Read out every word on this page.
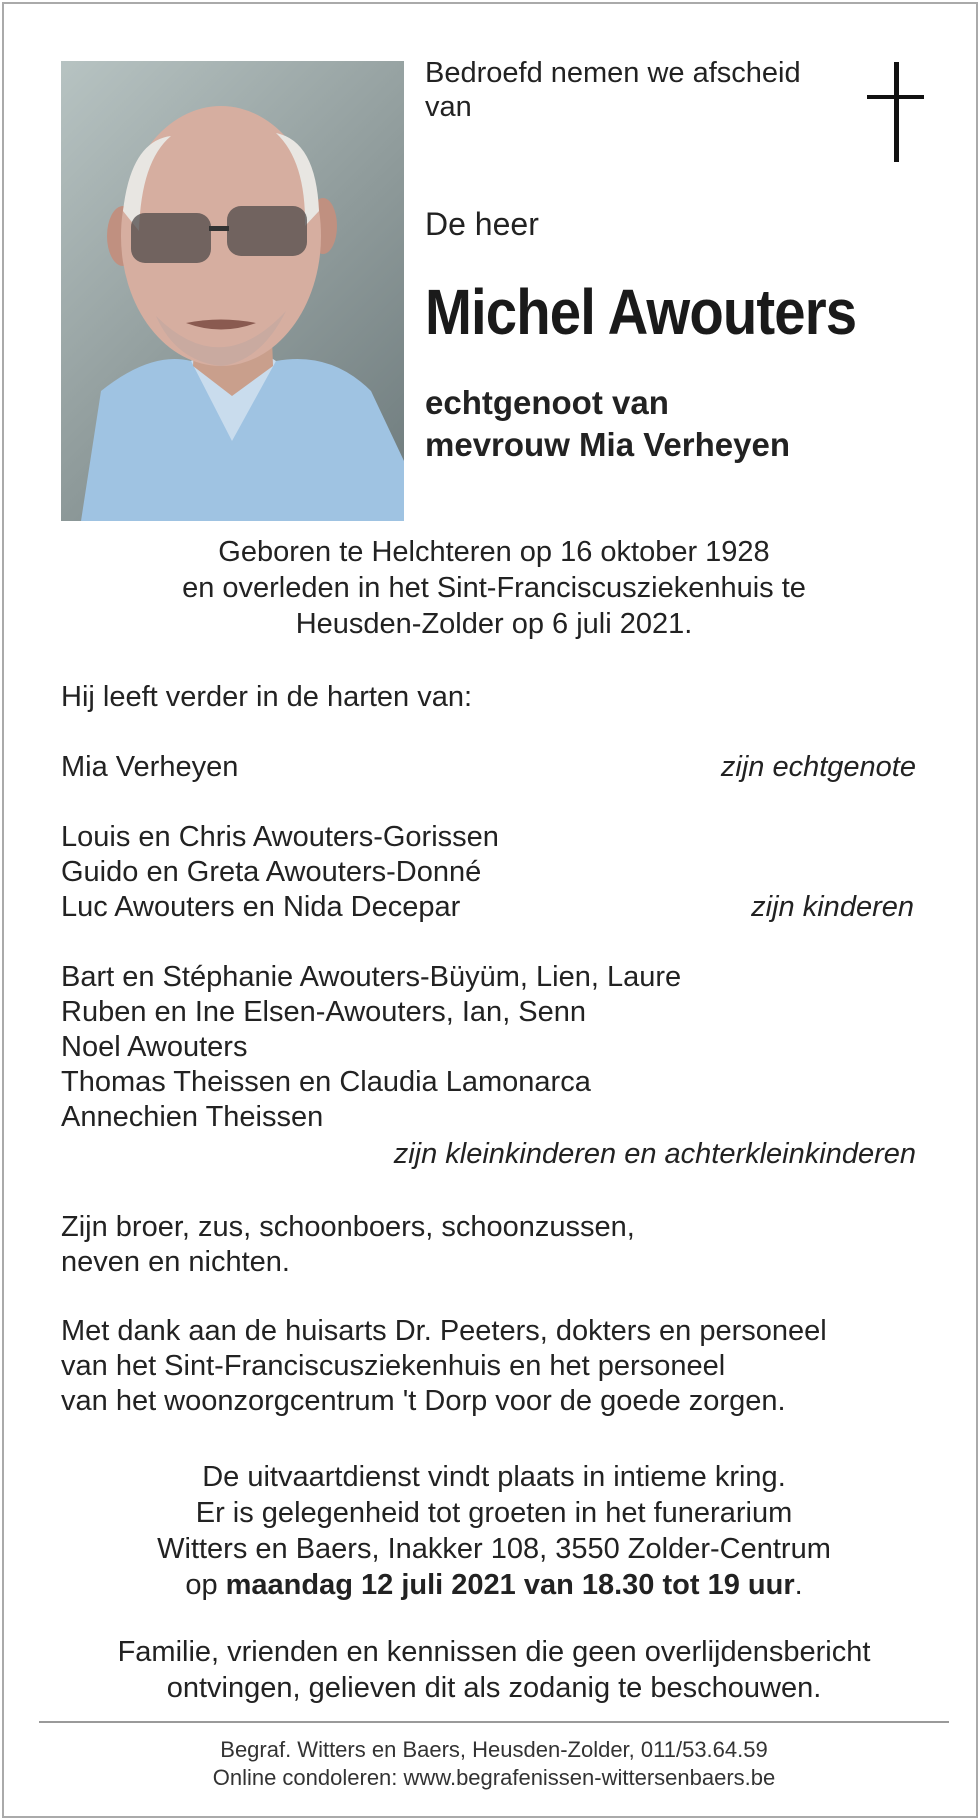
Bedroefd nemen we afscheid
van
De heer
Michel Awouters
echtgenoot van
mevrouw Mia Verheyen
Geboren te Helchteren op 16 oktober 1928
en overleden in het Sint-Franciscusziekenhuis te
Heusden-Zolder op 6 juli 2021.
Hij leeft verder in de harten van:
Mia Verheyen	zijn echtgenote
Louis en Chris Awouters-Gorissen
Guido en Greta Awouters-Donné
Luc Awouters en Nida Decepar	zijn kinderen
Bart en Stéphanie Awouters-Büyüm, Lien, Laure
Ruben en Ine Elsen-Awouters, Ian, Senn
Noel Awouters
Thomas Theissen en Claudia Lamonarca
Annechien Theissen
zijn kleinkinderen en achterkleinkinderen
Zijn broer, zus, schoonboers, schoonzussen,
neven en nichten.
Met dank aan de huisarts Dr. Peeters, dokters en personeel
van het Sint-Franciscusziekenhuis en het personeel
van het woonzorgcentrum 't Dorp voor de goede zorgen.
De uitvaartdienst vindt plaats in intieme kring.
Er is gelegenheid tot groeten in het funerarium
Witters en Baers, Inakker 108, 3550 Zolder-Centrum
op maandag 12 juli 2021 van 18.30 tot 19 uur.
Familie, vrienden en kennissen die geen overlijdensbericht
ontvingen, gelieven dit als zodanig te beschouwen.
Begraf. Witters en Baers, Heusden-Zolder, 011/53.64.59
Online condoleren: www.begrafenissen-wittersenbaers.be
